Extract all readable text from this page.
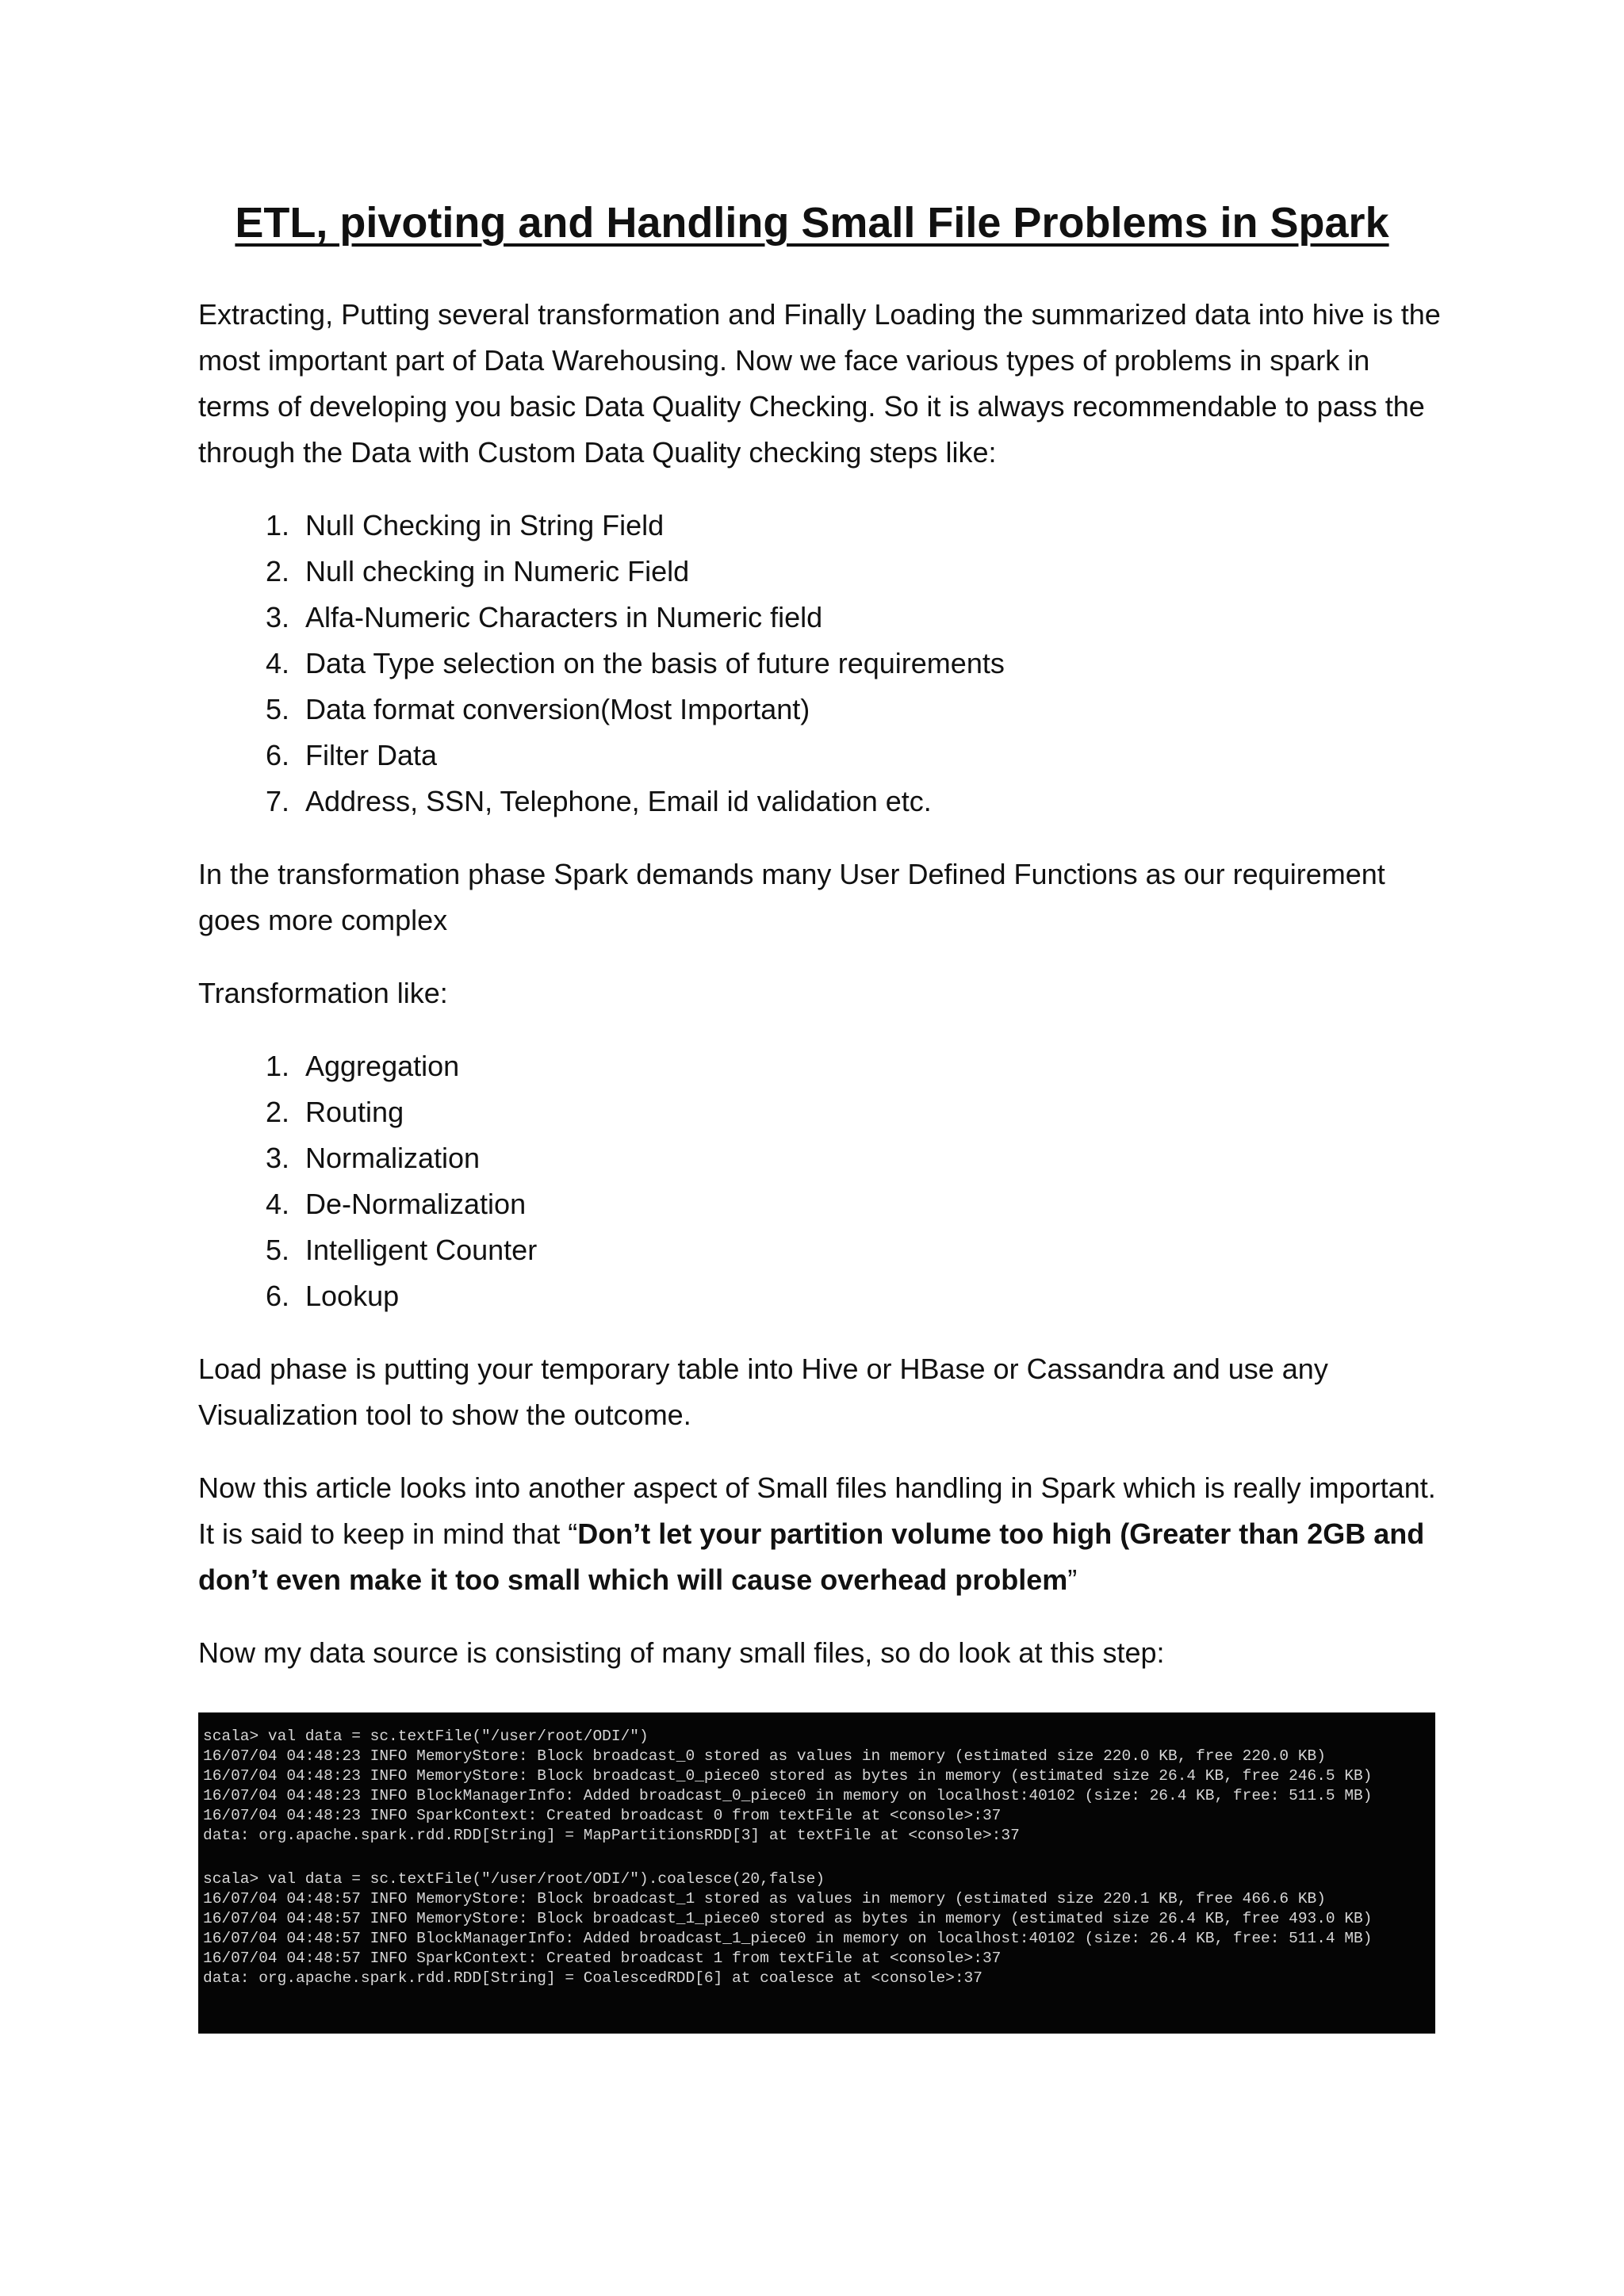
ETL, pivoting and Handling Small File Problems in Spark

Extracting, Putting several transformation and Finally Loading the summarized data into hive is the most important part of Data Warehousing. Now we face various types of problems in spark in terms of developing you basic Data Quality Checking. So it is always recommendable to pass the through the Data with Custom Data Quality checking steps like:

1. Null Checking in String Field
2. Null checking in Numeric Field
3. Alfa-Numeric Characters in Numeric field
4. Data Type selection on the basis of future requirements
5. Data format conversion(Most Important)
6. Filter Data
7. Address, SSN, Telephone, Email id validation etc.

In the transformation phase Spark demands many User Defined Functions as our requirement goes more complex

Transformation like:

1. Aggregation
2. Routing
3. Normalization
4. De-Normalization
5. Intelligent Counter
6. Lookup

Load phase is putting your temporary table into Hive or HBase or Cassandra and use any Visualization tool to show the outcome.

Now this article looks into another aspect of Small files handling in Spark which is really important. It is said to keep in mind that “Don’t let your partition volume too high (Greater than 2GB and don’t even make it too small which will cause overhead problem”

Now my data source is consisting of many small files, so do look at this step:

scala> val data = sc.textFile("/user/root/ODI/")
16/07/04 04:48:23 INFO MemoryStore: Block broadcast_0 stored as values in memory (estimated size 220.0 KB, free 220.0 KB)
16/07/04 04:48:23 INFO MemoryStore: Block broadcast_0_piece0 stored as bytes in memory (estimated size 26.4 KB, free 246.5 KB)
16/07/04 04:48:23 INFO BlockManagerInfo: Added broadcast_0_piece0 in memory on localhost:40102 (size: 26.4 KB, free: 511.5 MB)
16/07/04 04:48:23 INFO SparkContext: Created broadcast 0 from textFile at <console>:37
data: org.apache.spark.rdd.RDD[String] = MapPartitionsRDD[3] at textFile at <console>:37
scala> val data = sc.textFile("/user/root/ODI/").coalesce(20,false)
16/07/04 04:48:57 INFO MemoryStore: Block broadcast_1 stored as values in memory (estimated size 220.1 KB, free 466.6 KB)
16/07/04 04:48:57 INFO MemoryStore: Block broadcast_1_piece0 stored as bytes in memory (estimated size 26.4 KB, free 493.0 KB)
16/07/04 04:48:57 INFO BlockManagerInfo: Added broadcast_1_piece0 in memory on localhost:40102 (size: 26.4 KB, free: 511.4 MB)
16/07/04 04:48:57 INFO SparkContext: Created broadcast 1 from textFile at <console>:37
data: org.apache.spark.rdd.RDD[String] = CoalescedRDD[6] at coalesce at <console>:37
